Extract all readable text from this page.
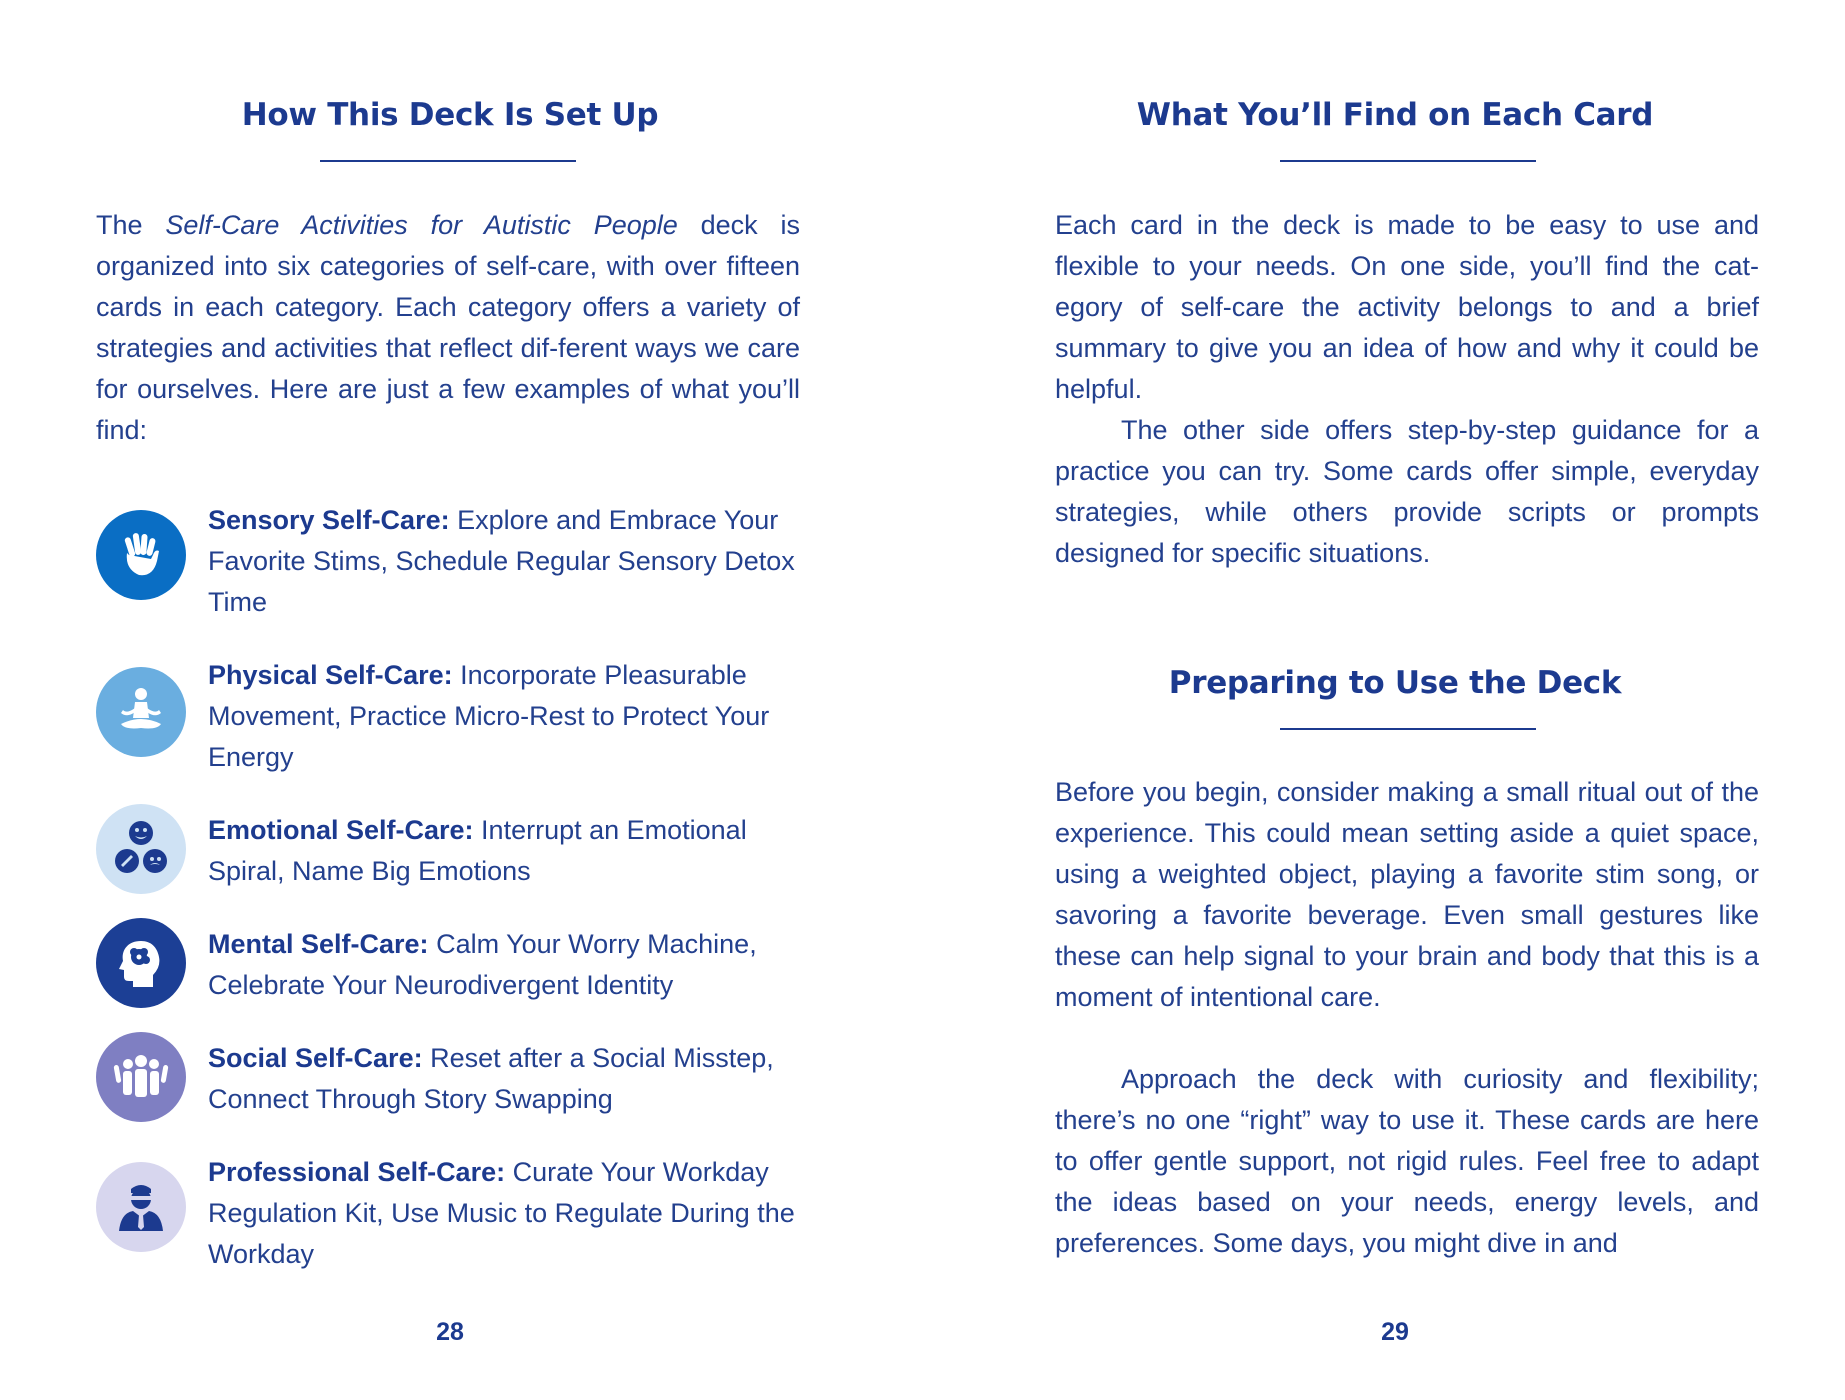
How This Deck Is Set Up

The Self-Care Activities for Autistic People deck is organized into six categories of self-care, with over fifteen cards in each category. Each category offers a variety of strategies and activities that reflect dif-ferent ways we care for ourselves. Here are just a few examples of what you’ll find:

Sensory Self-Care: Explore and Embrace Your Favorite Stims, Schedule Regular Sensory Detox Time

Physical Self-Care: Incorporate Pleasurable Movement, Practice Micro-Rest to Protect Your Energy

Emotional Self-Care: Interrupt an Emotional Spiral, Name Big Emotions

Mental Self-Care: Calm Your Worry Machine, Celebrate Your Neurodivergent Identity

Social Self-Care: Reset after a Social Misstep, Connect Through Story Swapping

Professional Self-Care: Curate Your Workday Regulation Kit, Use Music to Regulate During the Workday

28
What You’ll Find on Each Card

Each card in the deck is made to be easy to use and flexible to your needs. On one side, you’ll find the cat-egory of self-care the activity belongs to and a brief summary to give you an idea of how and why it could be helpful.

The other side offers step-by-step guidance for a practice you can try. Some cards offer simple, everyday strategies, while others provide scripts or prompts designed for specific situations.

Preparing to Use the Deck

Before you begin, consider making a small ritual out of the experience. This could mean setting aside a quiet space, using a weighted object, playing a favorite stim song, or savoring a favorite beverage. Even small gestures like these can help signal to your brain and body that this is a moment of intentional care.

Approach the deck with curiosity and flexibility; there’s no one “right” way to use it. These cards are here to offer gentle support, not rigid rules. Feel free to adapt the ideas based on your needs, energy levels, and preferences. Some days, you might dive in and

29
